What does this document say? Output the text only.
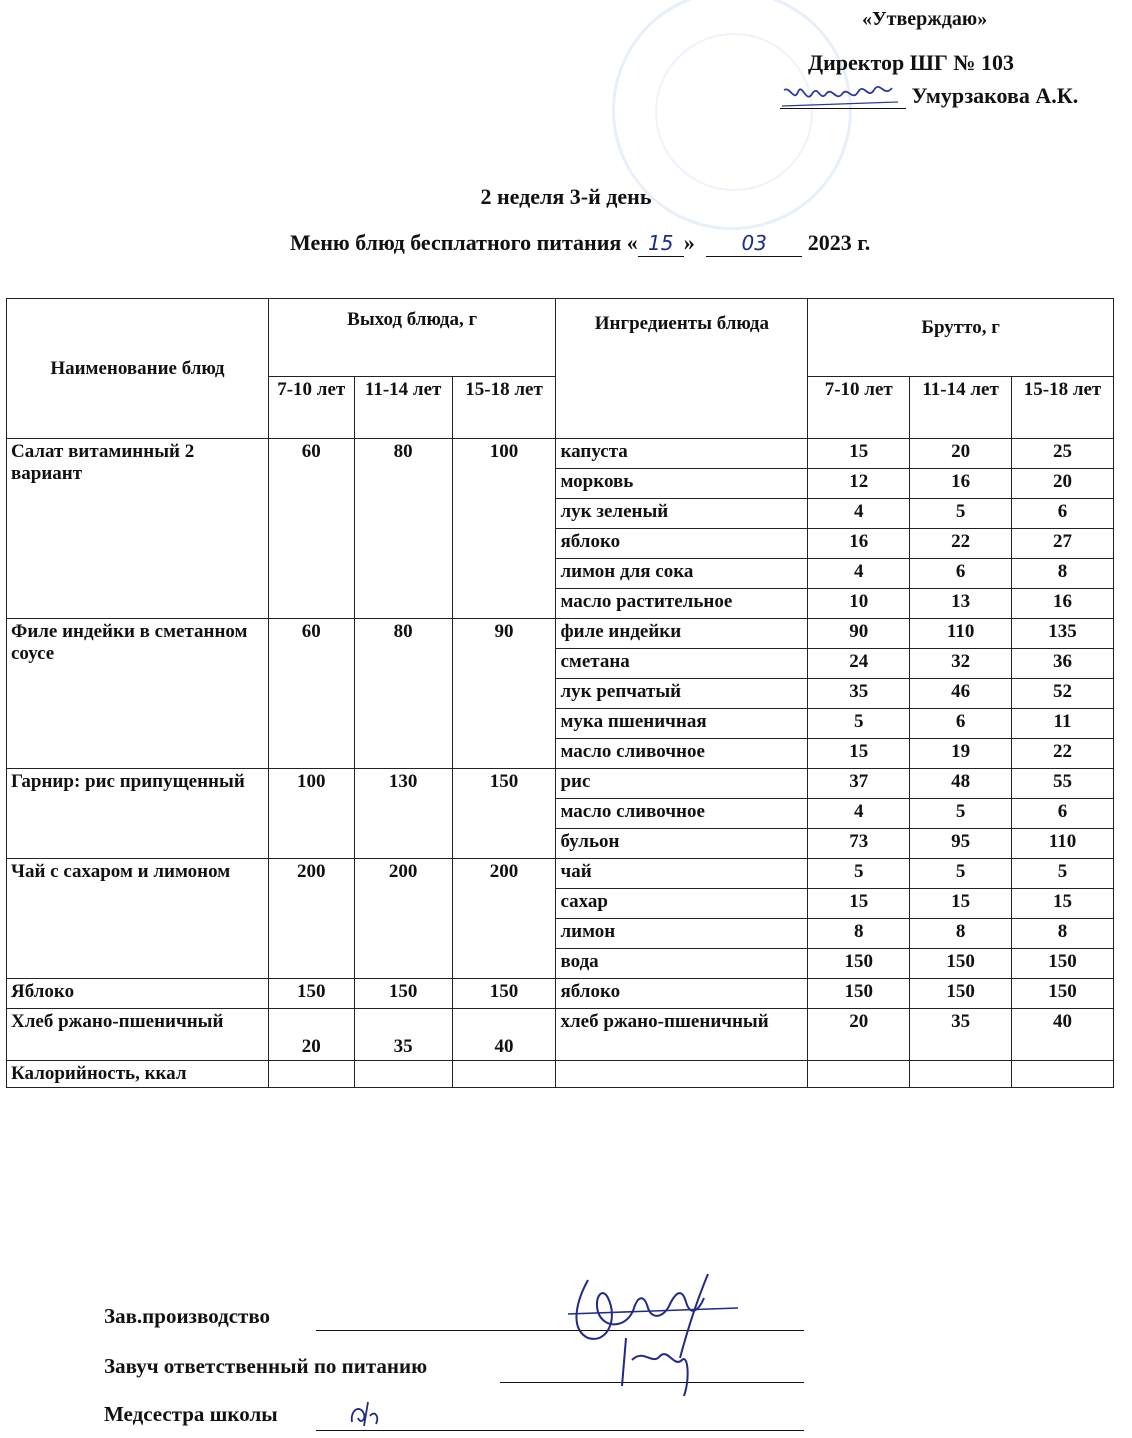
«Утверждаю»
Директор ШГ № 103
Умурзакова А.К.
2 неделя 3-й день
Меню блюд бесплатного питания « 15 » 03 2023 г.
Наименование блюд	Выход блюда, г			Ингредиенты блюда	Брутто, г		
	7-10 лет	11-14 лет	15-18 лет		7-10 лет	11-14 лет	15-18 лет
Салат витаминный 2 вариант	60	80	100	капуста	15	20	25
				морковь	12	16	20
				лук зеленый	4	5	6
				яблоко	16	22	27
				лимон для сока	4	6	8
				масло растительное	10	13	16
Филе индейки в сметанном соусе	60	80	90	филе индейки	90	110	135
				сметана	24	32	36
				лук репчатый	35	46	52
				мука пшеничная	5	6	11
				масло сливочное	15	19	22
Гарнир: рис припущенный	100	130	150	рис	37	48	55
				масло сливочное	4	5	6
				бульон	73	95	110
Чай с сахаром и лимоном	200	200	200	чай	5	5	5
				сахар	15	15	15
				лимон	8	8	8
				вода	150	150	150
Яблоко	150	150	150	яблоко	150	150	150
Хлеб ржано-пшеничный	20	35	40	хлеб ржано-пшеничный	20	35	40
Калорийность, ккал							
Зав.производство
Завуч ответственный по питанию
Медсестра школы
